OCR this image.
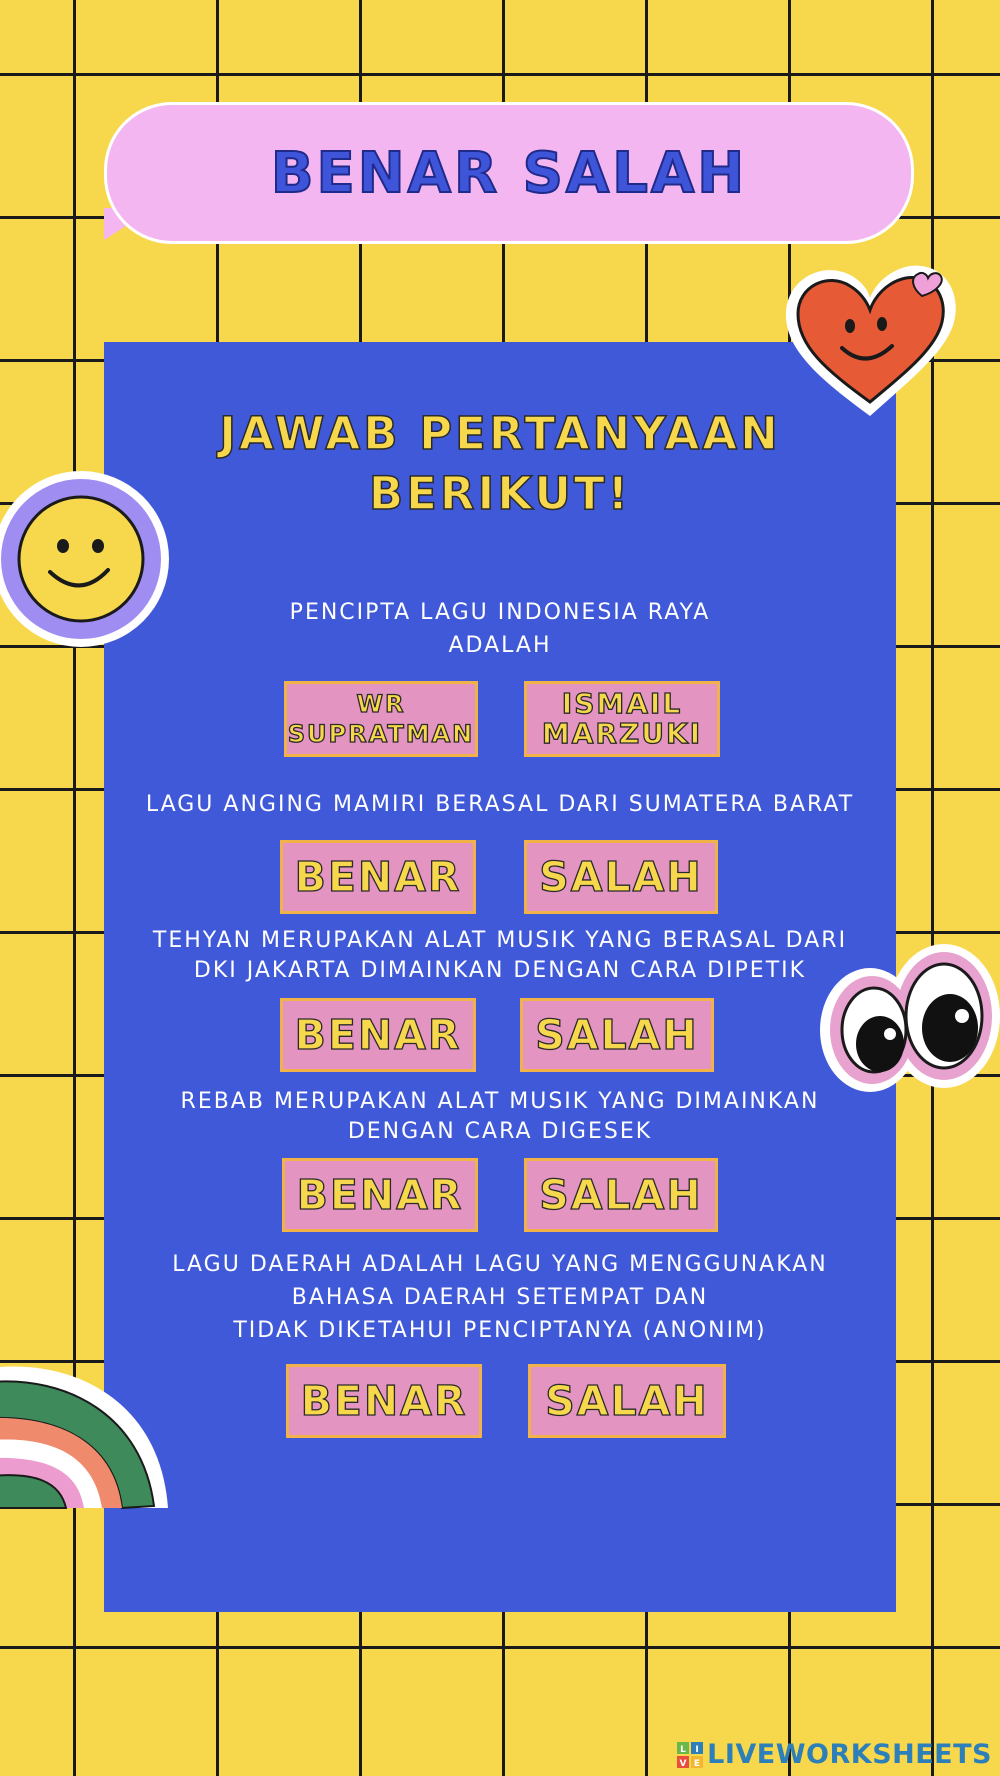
BENAR SALAH
JAWAB PERTANYAAN
BERIKUT!
PENCIPTA LAGU INDONESIA RAYA
ADALAH
WR
SUPRATMAN
ISMAIL
MARZUKI
LAGU ANGING MAMIRI BERASAL DARI SUMATERA BARAT
BENAR	SALAH
TEHYAN MERUPAKAN ALAT MUSIK YANG BERASAL DARI
DKI JAKARTA DIMAINKAN DENGAN CARA DIPETIK
BENAR	SALAH
REBAB MERUPAKAN ALAT MUSIK YANG DIMAINKAN
DENGAN CARA DIGESEK
BENAR	SALAH
LAGU DAERAH ADALAH LAGU YANG MENGGUNAKAN
BAHASA DAERAH SETEMPAT DAN
TIDAK DIKETAHUI PENCIPTANYA (ANONIM)
BENAR	SALAH
L I
V E LIVEWORKSHEETS
